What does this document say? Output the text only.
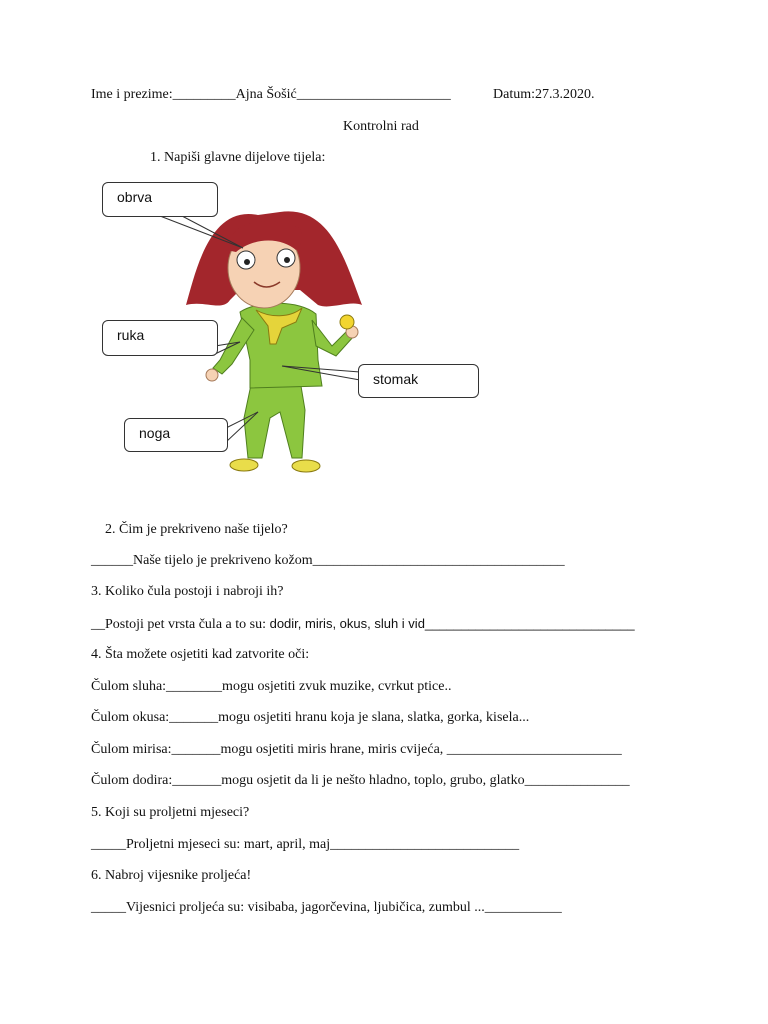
Ime i prezime:_________Ajna Šošić______________________	Datum:27.3.2020.
Kontrolni rad
1. Napiši glavne dijelove tijela:
obrva
ruka
stomak
noga
2. Čim je prekriveno naše tijelo?
______Naše tijelo je prekriveno kožom____________________________________
3. Koliko čula postoji i nabroji ih?
__Postoji pet vrsta čula a to su: dodir, miris, okus, sluh i vid_____________________________
4. Šta možete osjetiti kad zatvorite oči:
Čulom sluha:________mogu osjetiti zvuk muzike, cvrkut ptice..
Čulom okusa:_______mogu osjetiti hranu koja je slana, slatka, gorka, kisela...
Čulom mirisa:_______mogu osjetiti miris hrane, miris cvijeća, _________________________
Čulom dodira:_______mogu osjetit da li je nešto hladno, toplo, grubo, glatko_______________
5. Koji su proljetni mjeseci?
_____Proljetni mjeseci su: mart, april, maj___________________________
6. Nabroj vijesnike proljeća!
_____Vijesnici proljeća su: visibaba, jagorčevina, ljubičica, zumbul ...___________
